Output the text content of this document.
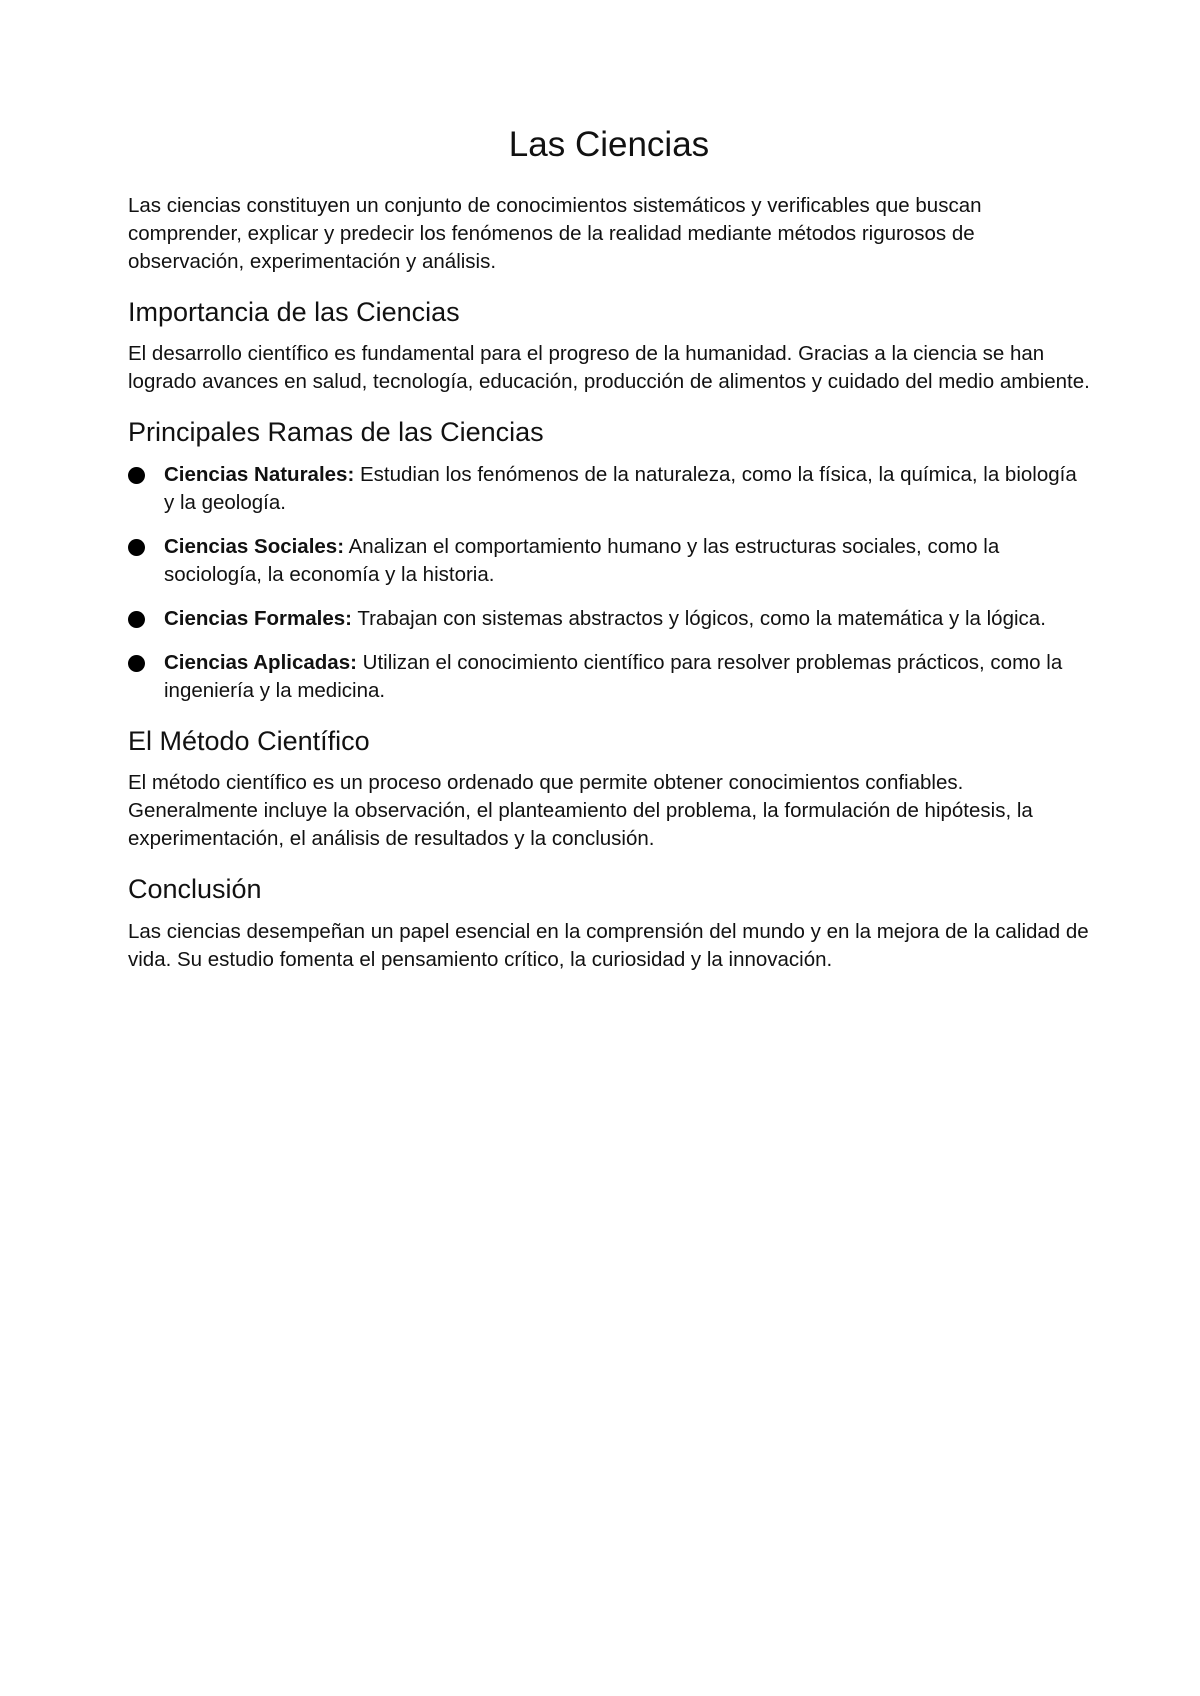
Las Ciencias

Las ciencias constituyen un conjunto de conocimientos sistemáticos y verificables que buscan comprender, explicar y predecir los fenómenos de la realidad mediante métodos rigurosos de observación, experimentación y análisis.

Importancia de las Ciencias

El desarrollo científico es fundamental para el progreso de la humanidad. Gracias a la ciencia se han logrado avances en salud, tecnología, educación, producción de alimentos y cuidado del medio ambiente.

Principales Ramas de las Ciencias
Ciencias Naturales: Estudian los fenómenos de la naturaleza, como la física, la química, la biología y la geología.
Ciencias Sociales: Analizan el comportamiento humano y las estructuras sociales, como la sociología, la economía y la historia.
Ciencias Formales: Trabajan con sistemas abstractos y lógicos, como la matemática y la lógica.
Ciencias Aplicadas: Utilizan el conocimiento científico para resolver problemas prácticos, como la ingeniería y la medicina.
El Método Científico

El método científico es un proceso ordenado que permite obtener conocimientos confiables. Generalmente incluye la observación, el planteamiento del problema, la formulación de hipótesis, la experimentación, el análisis de resultados y la conclusión.

Conclusión

Las ciencias desempeñan un papel esencial en la comprensión del mundo y en la mejora de la calidad de vida. Su estudio fomenta el pensamiento crítico, la curiosidad y la innovación.
